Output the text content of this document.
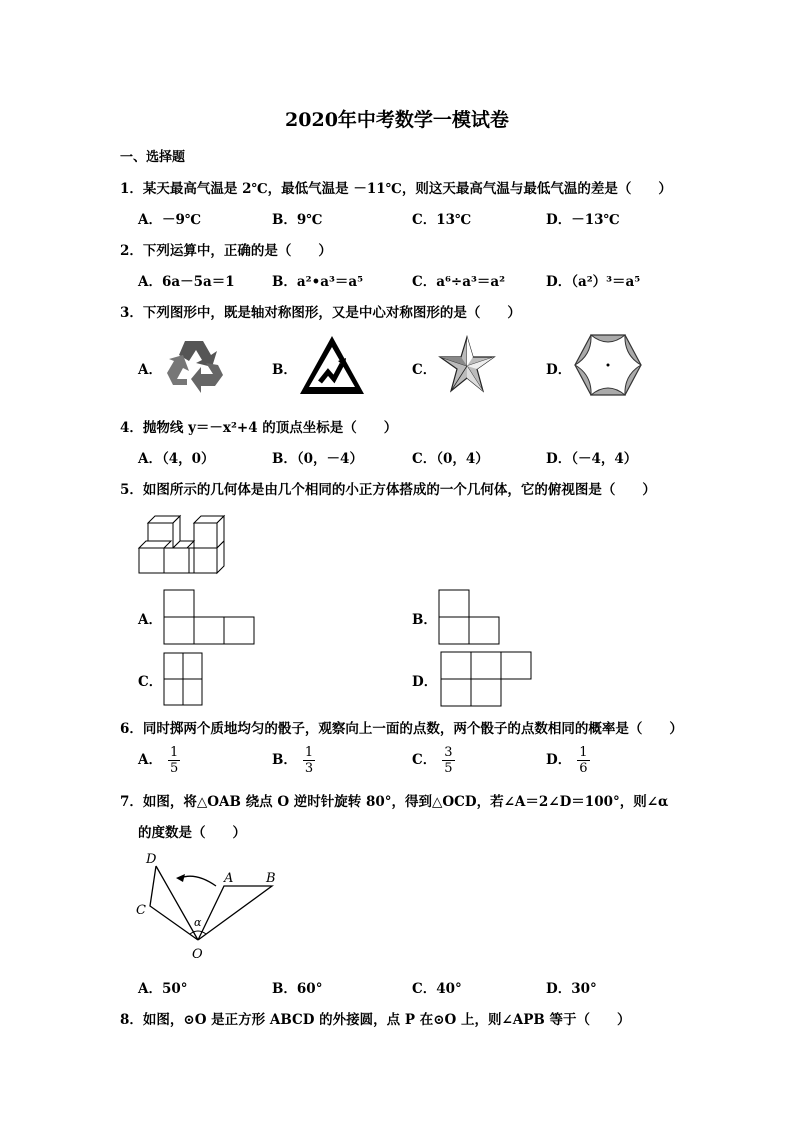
2020年中考数学一模试卷
一、选择题
1．某天最高气温是 2℃，最低气温是 －11℃，则这天最高气温与最低气温的差是（　　）
A．－9℃	B．9℃	C．13℃	D．－13℃
2．下列运算中，正确的是（　　）
A．6a－5a＝1	B．a²•a³＝a⁵	C．a⁶÷a³＝a²	D．（a²）³＝a⁵
3．下列图形中，既是轴对称图形，又是中心对称图形的是（　　）
A．	B．	C．	D．
4．抛物线 y＝－x²+4 的顶点坐标是（　　）
A．（4，0）	B．（0，－4）	C．（0，4）	D．（－4，4）
5．如图所示的几何体是由几个相同的小正方体搭成的一个几何体，它的俯视图是（　　）
A．	B．
C．	D．
6．同时掷两个质地均匀的骰子，观察向上一面的点数，两个骰子的点数相同的概率是（　　）
A． $\frac{1}{5}$	B． $\frac{1}{3}$	C． $\frac{3}{5}$	D． $\frac{1}{6}$
7．如图，将△OAB 绕点 O 逆时针旋转 80°，得到△OCD，若∠A＝2∠D＝100°，则∠α
的度数是（　　）
D
C
A	B
O
α
A．50°	B．60°	C．40°	D．30°
8．如图，⊙O 是正方形 ABCD 的外接圆，点 P 在⊙O 上，则∠APB 等于（　　）
